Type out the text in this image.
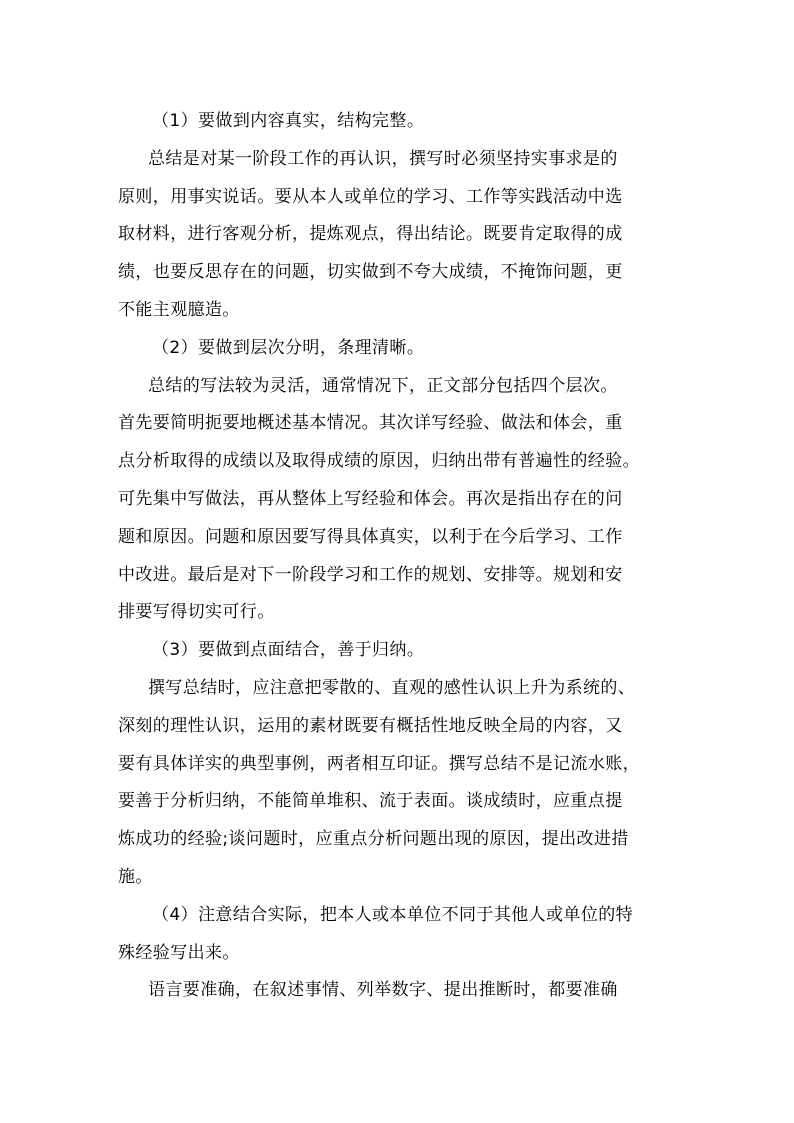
（1）要做到内容真实，结构完整。
总结是对某一阶段工作的再认识，撰写时必须坚持实事求是的
原则，用事实说话。要从本人或单位的学习、工作等实践活动中选
取材料，进行客观分析，提炼观点，得出结论。既要肯定取得的成
绩，也要反思存在的问题，切实做到不夸大成绩，不掩饰问题，更
不能主观臆造。
（2）要做到层次分明，条理清晰。
总结的写法较为灵活，通常情况下，正文部分包括四个层次。
首先要简明扼要地概述基本情况。其次详写经验、做法和体会，重
点分析取得的成绩以及取得成绩的原因，归纳出带有普遍性的经验。
可先集中写做法，再从整体上写经验和体会。再次是指出存在的问
题和原因。问题和原因要写得具体真实，以利于在今后学习、工作
中改进。最后是对下一阶段学习和工作的规划、安排等。规划和安
排要写得切实可行。
（3）要做到点面结合，善于归纳。
撰写总结时，应注意把零散的、直观的感性认识上升为系统的、
深刻的理性认识，运用的素材既要有概括性地反映全局的内容，又
要有具体详实的典型事例，两者相互印证。撰写总结不是记流水账，
要善于分析归纳，不能简单堆积、流于表面。谈成绩时，应重点提
炼成功的经验;谈问题时，应重点分析问题出现的原因，提出改进措
施。
（4）注意结合实际，把本人或本单位不同于其他人或单位的特
殊经验写出来。
语言要准确，在叙述事情、列举数字、提出推断时，都要准确
